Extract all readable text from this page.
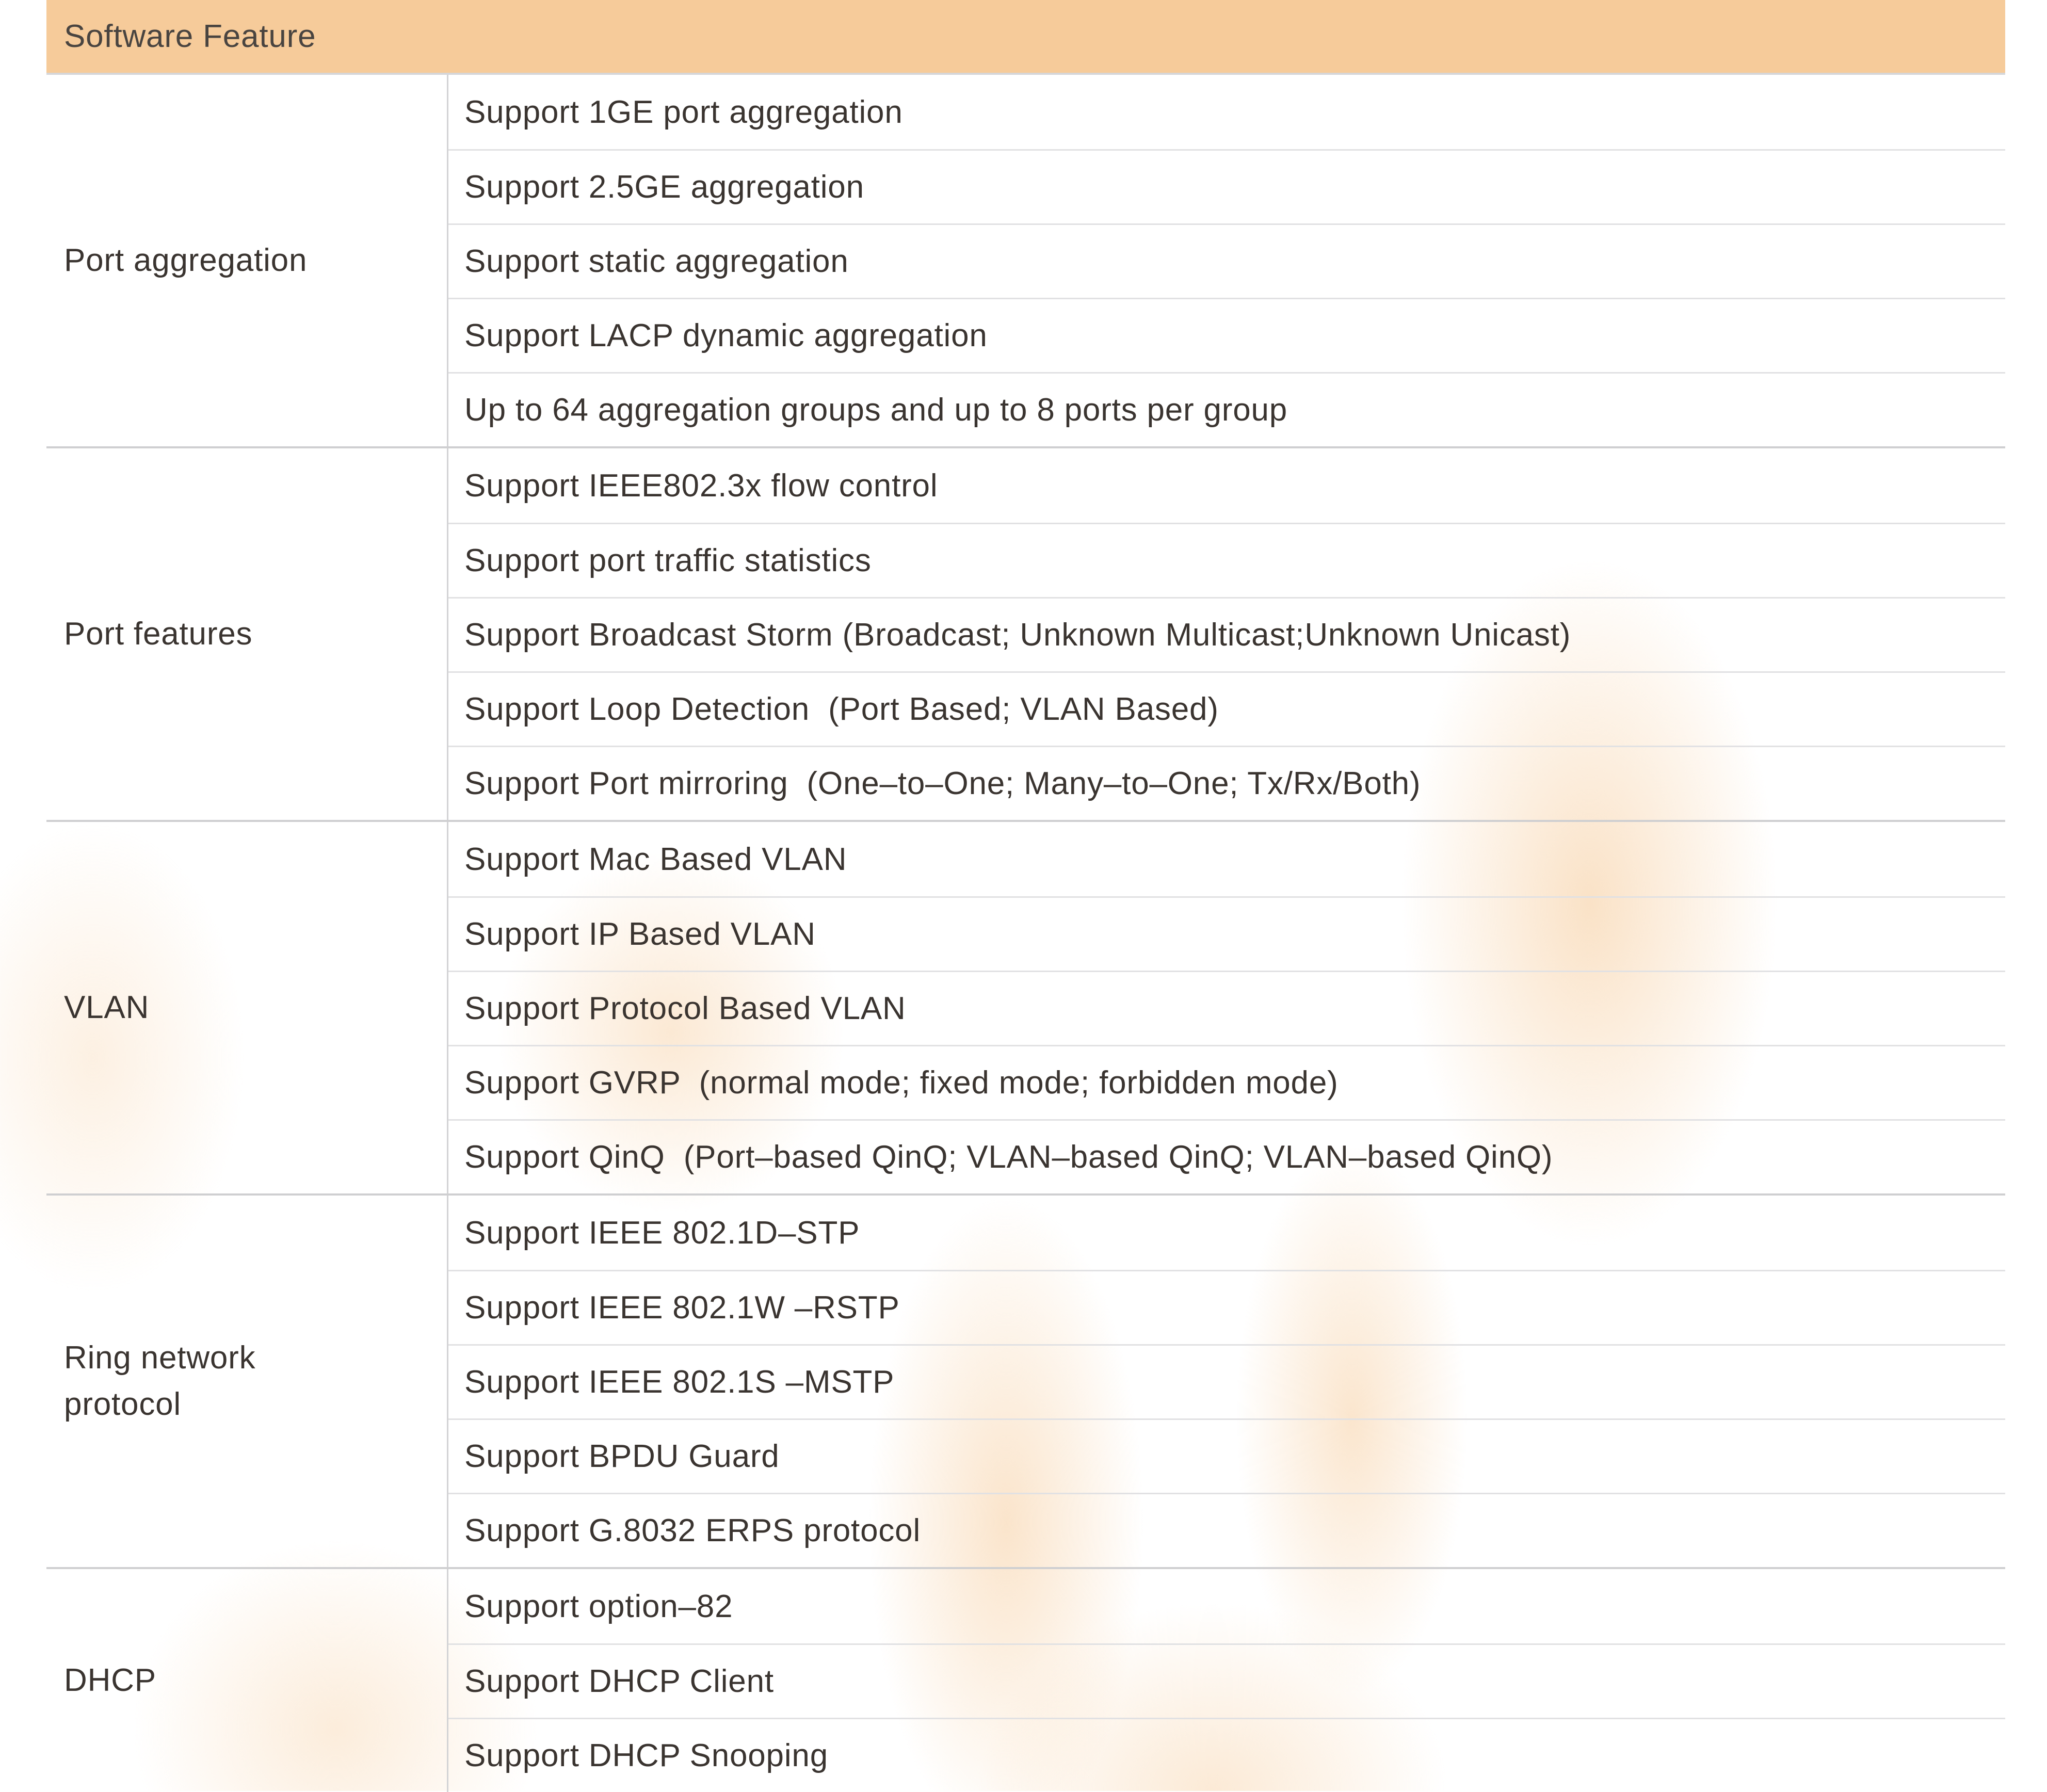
Software Feature
Port aggregation
Support 1GE port aggregation
Support 2.5GE aggregation
Support static aggregation
Support LACP dynamic aggregation
Up to 64 aggregation groups and up to 8 ports per group
Port features
Support IEEE802.3x flow control
Support port traffic statistics
Support Broadcast Storm (Broadcast; Unknown Multicast;Unknown Unicast)
Support Loop Detection  (Port Based; VLAN Based)
Support Port mirroring  (One–to–One; Many–to–One; Tx/Rx/Both)
VLAN
Support Mac Based VLAN
Support IP Based VLAN
Support Protocol Based VLAN
Support GVRP  (normal mode; fixed mode; forbidden mode)
Support QinQ  (Port–based QinQ; VLAN–based QinQ; VLAN–based QinQ)
Ring network protocol
Support IEEE 802.1D–STP
Support IEEE 802.1W –RSTP
Support IEEE 802.1S –MSTP
Support BPDU Guard
Support G.8032 ERPS protocol
DHCP
Support option–82
Support DHCP Client
Support DHCP Snooping
